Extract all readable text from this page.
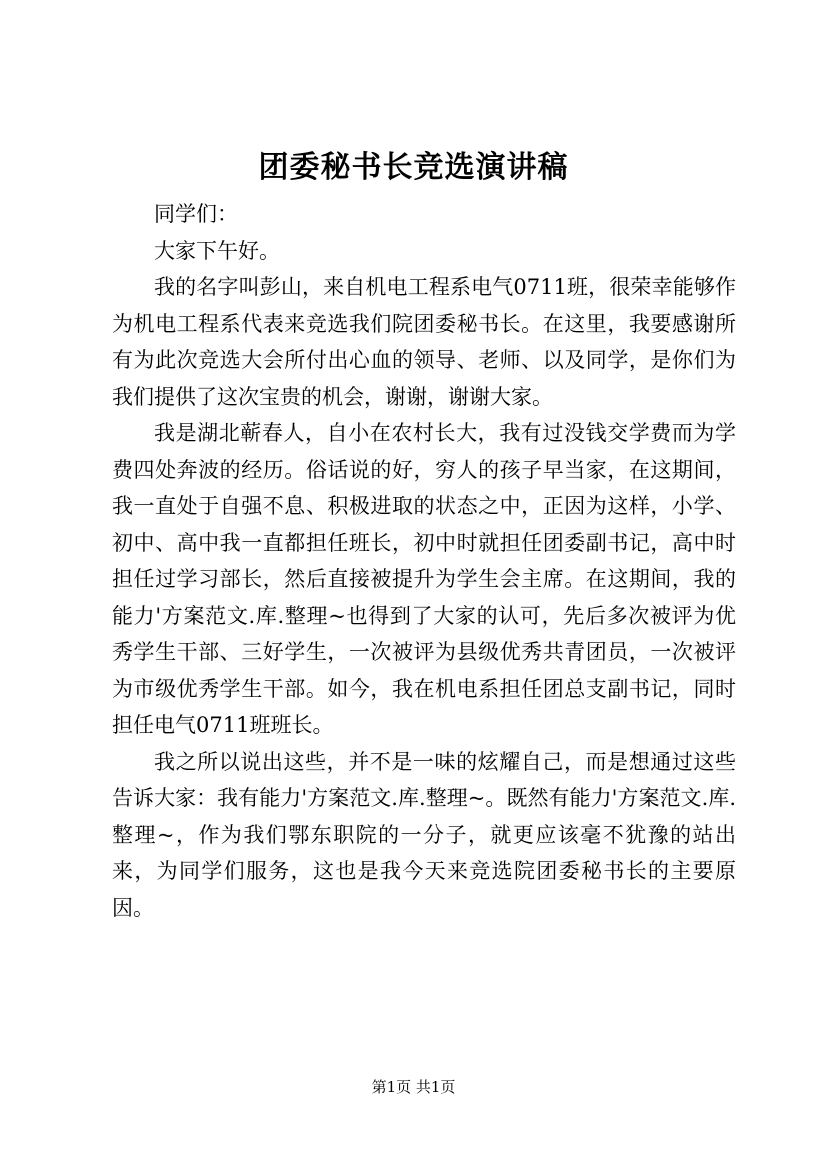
团委秘书长竞选演讲稿

同学们：

大家下午好。

我的名字叫彭山，来自机电工程系电气0711班，很荣幸能够作为机电工程系代表来竞选我们院团委秘书长。在这里，我要感谢所有为此次竞选大会所付出心血的领导、老师、以及同学，是你们为我们提供了这次宝贵的机会，谢谢，谢谢大家。

我是湖北蕲春人，自小在农村长大，我有过没钱交学费而为学费四处奔波的经历。俗话说的好，穷人的孩子早当家，在这期间，我一直处于自强不息、积极进取的状态之中，正因为这样，小学、初中、高中我一直都担任班长，初中时就担任团委副书记，高中时担任过学习部长，然后直接被提升为学生会主席。在这期间，我的能力'方案范文.库.整理~也得到了大家的认可，先后多次被评为优秀学生干部、三好学生，一次被评为县级优秀共青团员，一次被评为市级优秀学生干部。如今，我在机电系担任团总支副书记，同时担任电气0711班班长。

我之所以说出这些，并不是一味的炫耀自己，而是想通过这些告诉大家：我有能力'方案范文.库.整理~。既然有能力'方案范文.库.整理~，作为我们鄂东职院的一分子，就更应该毫不犹豫的站出来，为同学们服务，这也是我今天来竞选院团委秘书长的主要原因。

第1页 共1页
